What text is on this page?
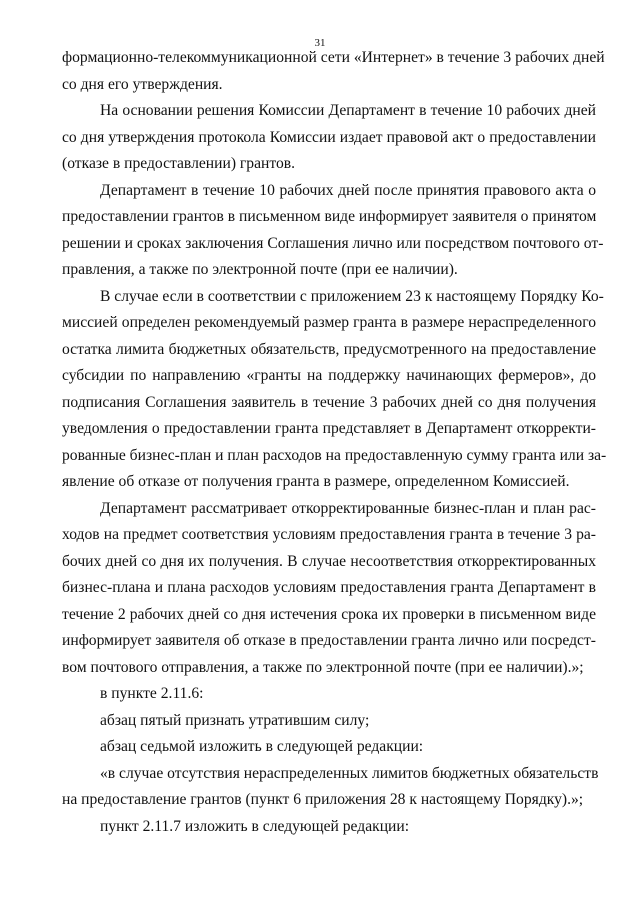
31
формационно-телекоммуникационной сети «Интернет» в течение 3 рабочих дней
со дня его утверждения.
На основании решения Комиссии Департамент в течение 10 рабочих дней
со дня утверждения протокола Комиссии издает правовой акт о предоставлении
(отказе в предоставлении) грантов.
Департамент в течение 10 рабочих дней после принятия правового акта о
предоставлении грантов в письменном виде информирует заявителя о принятом
решении и сроках заключения Соглашения лично или посредством почтового от-
правления, а также по электронной почте (при ее наличии).
В случае если в соответствии с приложением 23 к настоящему Порядку Ко-
миссией определен рекомендуемый размер гранта в размере нераспределенного
остатка лимита бюджетных обязательств, предусмотренного на предоставление
субсидии по направлению «гранты на поддержку начинающих фермеров», до
подписания Соглашения заявитель в течение 3 рабочих дней со дня получения
уведомления о предоставлении гранта представляет в Департамент откорректи-
рованные бизнес-план и план расходов на предоставленную сумму гранта или за-
явление об отказе от получения гранта в размере, определенном Комиссией.
Департамент рассматривает откорректированные бизнес-план и план рас-
ходов на предмет соответствия условиям предоставления гранта в течение 3 ра-
бочих дней со дня их получения. В случае несоответствия откорректированных
бизнес-плана и плана расходов условиям предоставления гранта Департамент в
течение 2 рабочих дней со дня истечения срока их проверки в письменном виде
информирует заявителя об отказе в предоставлении гранта лично или посредст-
вом почтового отправления, а также по электронной почте (при ее наличии).»;
в пункте 2.11.6:
абзац пятый признать утратившим силу;
абзац седьмой изложить в следующей редакции:
«в случае отсутствия нераспределенных лимитов бюджетных обязательств
на предоставление грантов (пункт 6 приложения 28 к настоящему Порядку).»;
пункт 2.11.7 изложить в следующей редакции:
